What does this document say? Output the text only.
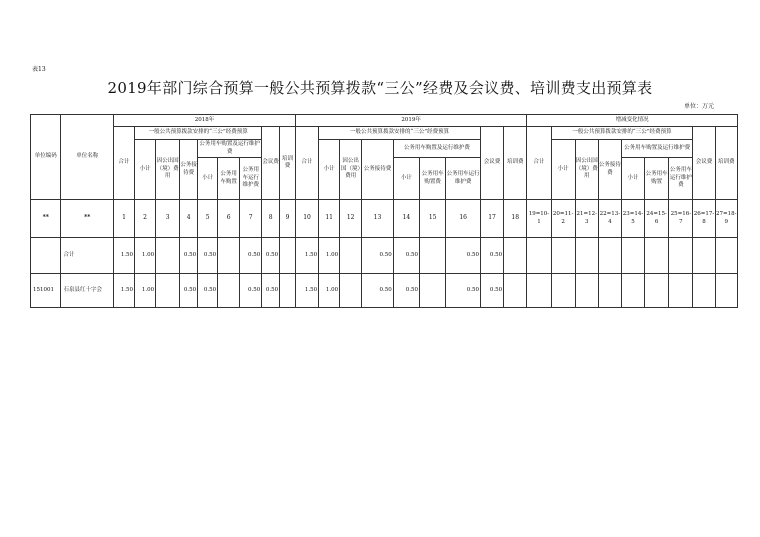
表13
2019年部门综合预算一般公共预算拨款“三公”经费及会议费、培训费支出预算表
单位：万元
单位编码	单位名称	2018年									2019年									增减变化情况								
		合计	一般公共预算拨款安排的“三公”经费预算						会议费	培训费	合计	一般公共预算拨款安排的“三公”经费预算						会议费	培训费	合计	一般公共预算拨款安排的“三公”经费预算						会议费	培训费
			小计	因公出国（境）费用	公务接待费	公务用车购置及运行维护费						小计	因公出国（境）费用	公务接待费	公务用车购置及运行维护费						小计	因公出国（境）费用	公务接待费	公务用车购置及运行维护费				
						小计	公务用车购置	公务用车运行维护费							小计	公务用车购置费	公务用车运行维护费							小计	公务用车购置	公务用车运行维护费		
**	**	1	2	3	4	5	6	7	8	9	10	11	12	13	14	15	16	17	18	19=10-1	20=11-2	21=12-3	22=13-4	23=14-5	24=15-6	25=16-7	26=17-8	27=18-9
	合计	1.50	1.00		0.50	0.50		0.50	0.50		1.50	1.00		0.50	0.50		0.50	0.50										
151001	石泉县红十字会	1.50	1.00		0.50	0.50		0.50	0.50		1.50	1.00		0.50	0.50		0.50	0.50										
